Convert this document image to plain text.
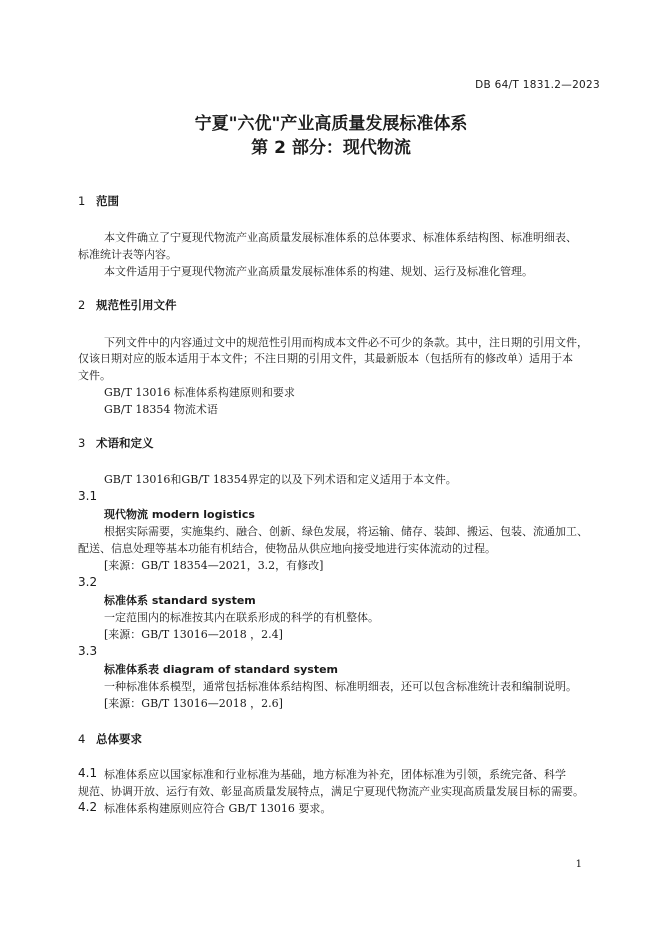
DB 64/T 1831.2—2023
宁夏"六优"产业高质量发展标准体系
第 2 部分：现代物流
1 范围
本文件确立了宁夏现代物流产业高质量发展标准体系的总体要求、标准体系结构图、标准明细表、
标准统计表等内容。
本文件适用于宁夏现代物流产业高质量发展标准体系的构建、规划、运行及标准化管理。
2 规范性引用文件
下列文件中的内容通过文中的规范性引用而构成本文件必不可少的条款。其中，注日期的引用文件，
仅该日期对应的版本适用于本文件；不注日期的引用文件，其最新版本（包括所有的修改单）适用于本
文件。
GB/T 13016 标准体系构建原则和要求
GB/T 18354 物流术语
3 术语和定义
GB/T 13016和GB/T 18354界定的以及下列术语和定义适用于本文件。
3.1
现代物流 modern logistics
根据实际需要，实施集约、融合、创新、绿色发展，将运输、储存、装卸、搬运、包装、流通加工、
配送、信息处理等基本功能有机结合，使物品从供应地向接受地进行实体流动的过程。
[来源：GB/T 18354—2021，3.2，有修改]
3.2
标准体系 standard system
一定范围内的标准按其内在联系形成的科学的有机整体。
[来源：GB/T 13016—2018 ，2.4]
3.3
标准体系表 diagram of standard system
一种标准体系模型，通常包括标准体系结构图、标准明细表，还可以包含标准统计表和编制说明。
[来源：GB/T 13016—2018 ，2.6]
4 总体要求
4.1 标准体系应以国家标准和行业标准为基础，地方标准为补充，团体标准为引领，系统完备、科学
规范、协调开放、运行有效、彰显高质量发展特点，满足宁夏现代物流产业实现高质量发展目标的需要。
4.2 标准体系构建原则应符合 GB/T 13016 要求。
1
